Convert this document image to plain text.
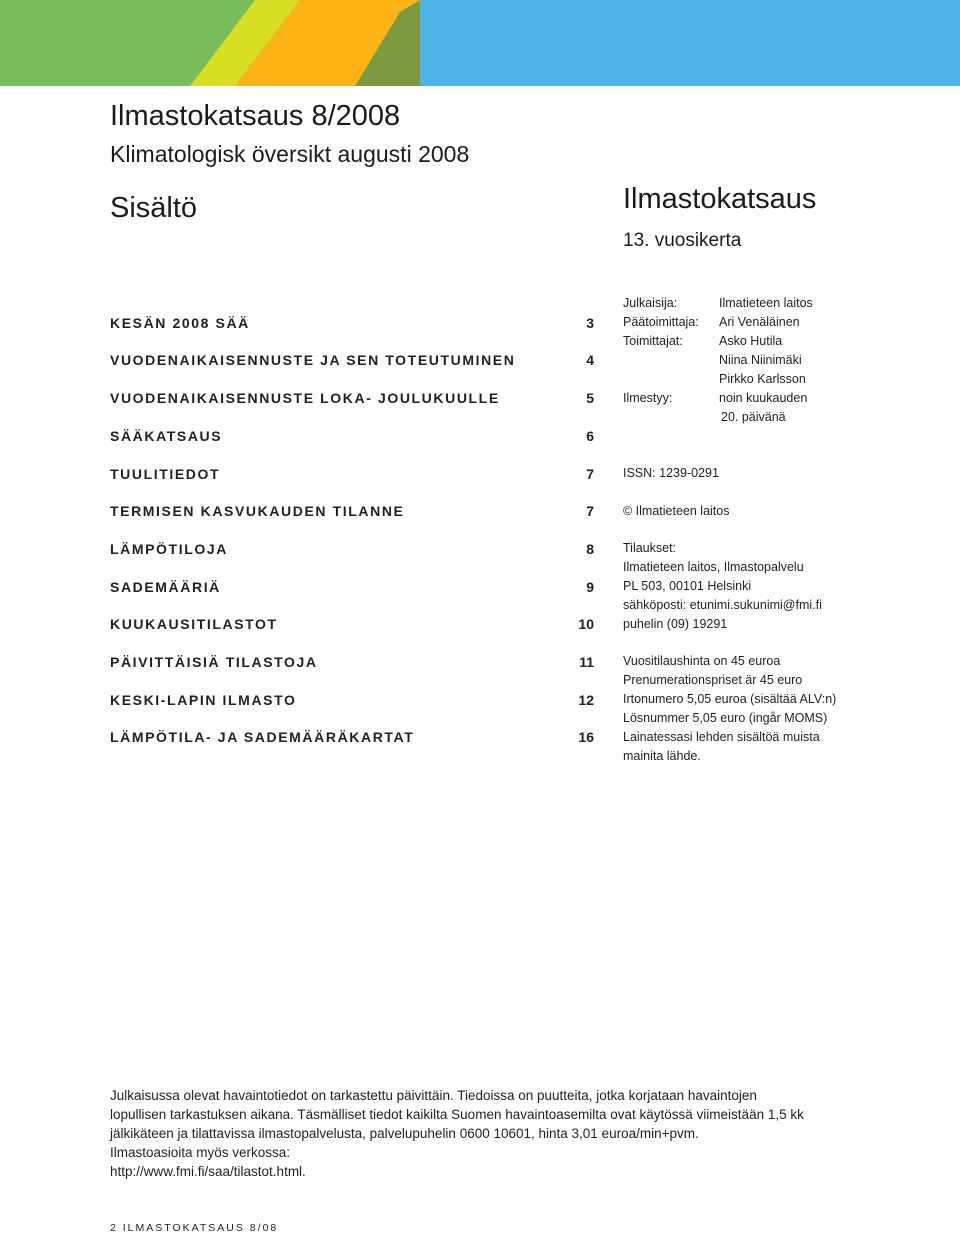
Ilmastokatsaus 8/2008
Klimatologisk översikt augusti 2008
Sisältö	Ilmastokatsaus
13. vuosikerta
KESÄN 2008 SÄÄ	3
VUODENAIKAISENNUSTE JA SEN TOTEUTUMINEN	4
VUODENAIKAISENNUSTE LOKA- JOULUKUULLE	5
SÄÄKATSAUS	6
TUULITIEDOT	7
TERMISEN KASVUKAUDEN TILANNE	7
LÄMPÖTILOJA	8
SADEMÄÄRIÄ	9
KUUKAUSITILASTOT	10
PÄIVITTÄISIÄ TILASTOJA	11
KESKI-LAPIN ILMASTO	12
LÄMPÖTILA- JA SADEMÄÄRÄKARTAT	16
Julkaisija:	Ilmatieteen laitos
Päätoimittaja: Ari Venäläinen
Toimittajat:	Asko Hutila
Niina Niinimäki
Pirkko Karlsson
Ilmestyy:	noin kuukauden
20. päivänä
ISSN: 1239-0291
© Ilmatieteen laitos
Tilaukset:
Ilmatieteen laitos, Ilmastopalvelu
PL 503, 00101 Helsinki
sähköposti: etunimi.sukunimi@fmi.fi
puhelin (09) 19291
Vuositilaushinta on 45 euroa
Prenumerationspriset är 45 euro
Irtonumero 5,05 euroa (sisältää ALV:n)
Lösnummer 5,05 euro (ingår MOMS)
Lainatessasi lehden sisältöä muista
mainita lähde.

Julkaisussa olevat havaintotiedot on tarkastettu päivittäin. Tiedoissa on puutteita, jotka korjataan havaintojen

lopullisen tarkastuksen aikana. Täsmälliset tiedot kaikilta Suomen havaintoasemilta ovat käytössä viimeistään 1,5 kk

jälkikäteen ja tilattavissa ilmastopalvelusta, palvelupuhelin 0600 10601, hinta 3,01 euroa/min+pvm.

Ilmastoasioita myös verkossa:

http://www.fmi.fi/saa/tilastot.html.

2 ILMASTOKATSAUS 8/08
